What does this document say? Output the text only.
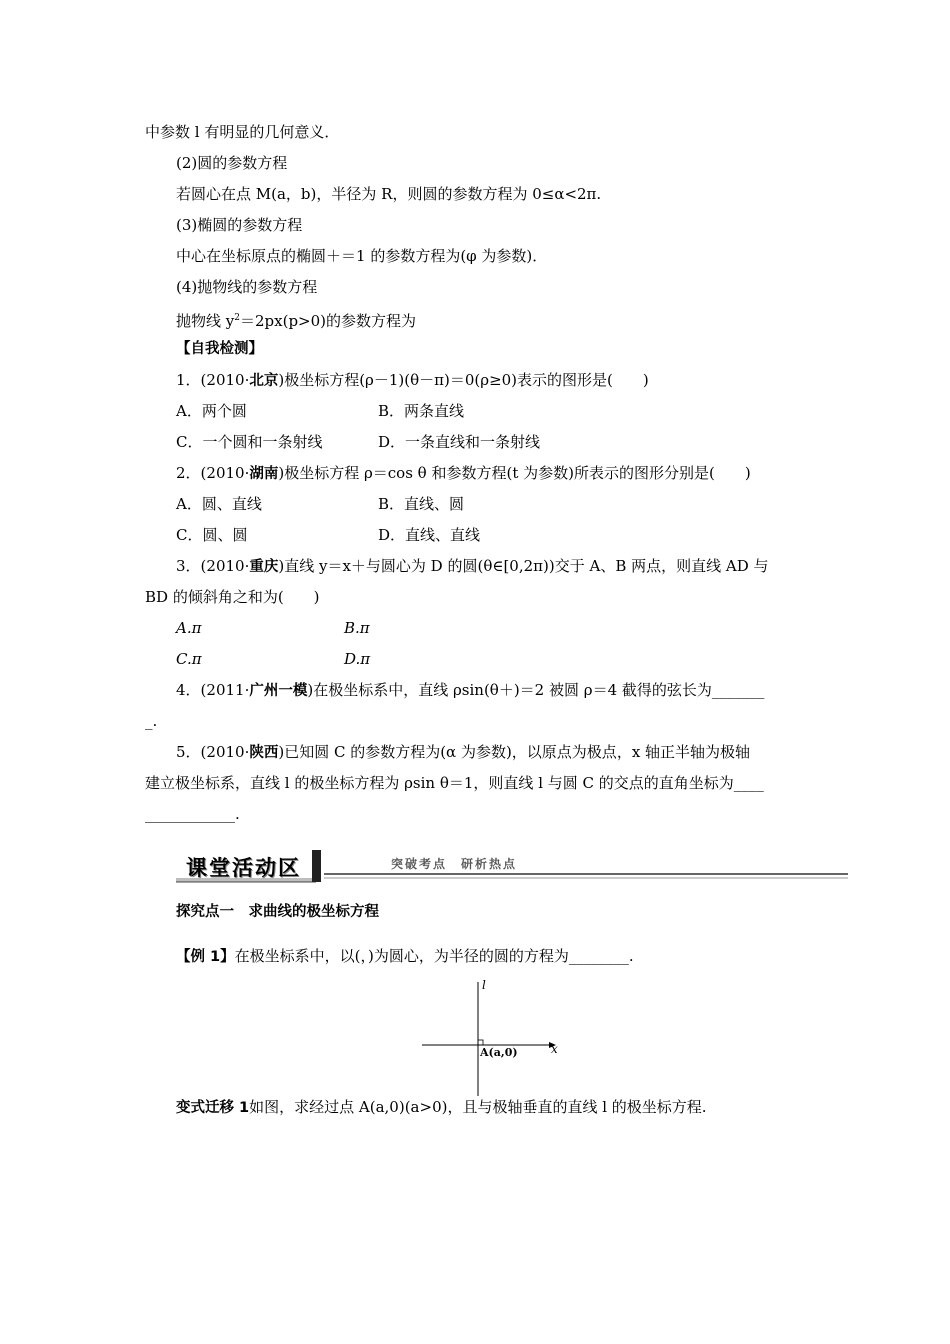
中参数 l 有明显的几何意义．
(2)圆的参数方程
若圆心在点 M(a，b)，半径为 R，则圆的参数方程为 0≤α<2π.
(3)椭圆的参数方程
中心在坐标原点的椭圆＋＝1 的参数方程为(φ 为参数)．
(4)抛物线的参数方程
抛物线 $y^2=2px(p>0)$的参数方程为
【自我检测】
1．(2010·北京)极坐标方程(ρ－1)(θ－π)＝0(ρ≥0)表示的图形是(　　)
A．两个圆	B．两条直线
C．一个圆和一条射线	D．一条直线和一条射线
2．(2010·湖南)极坐标方程 ρ＝cos θ 和参数方程(t 为参数)所表示的图形分别是(　　)
A．圆、直线	B．直线、圆
C．圆、圆	D．直线、直线
3．(2010·重庆)直线 y＝x＋与圆心为 D 的圆(θ∈[0,2π))交于 A、B 两点，则直线 AD 与
BD 的倾斜角之和为(　　)
A.π	B.π
C.π	D.π
4．(2011·广州一模)在极坐标系中，直线 ρsin(θ＋)＝2 被圆 ρ＝4 截得的弦长为_______
_.
5．(2010·陕西)已知圆 C 的参数方程为(α 为参数)，以原点为极点，x 轴正半轴为极轴
建立极坐标系，直线 l 的极坐标方程为 ρsin θ＝1，则直线 l 与圆 C 的交点的直角坐标为____
____________.
课堂活动区	突破考点　研析热点
探究点一　求曲线的极坐标方程
【例 1】在极坐标系中，以(，)为圆心，为半径的圆的方程为________.
l
x
A(a,0)
变式迁移 1如图，求经过点 A(a,0)(a>0)，且与极轴垂直的直线 l 的极坐标方程.
